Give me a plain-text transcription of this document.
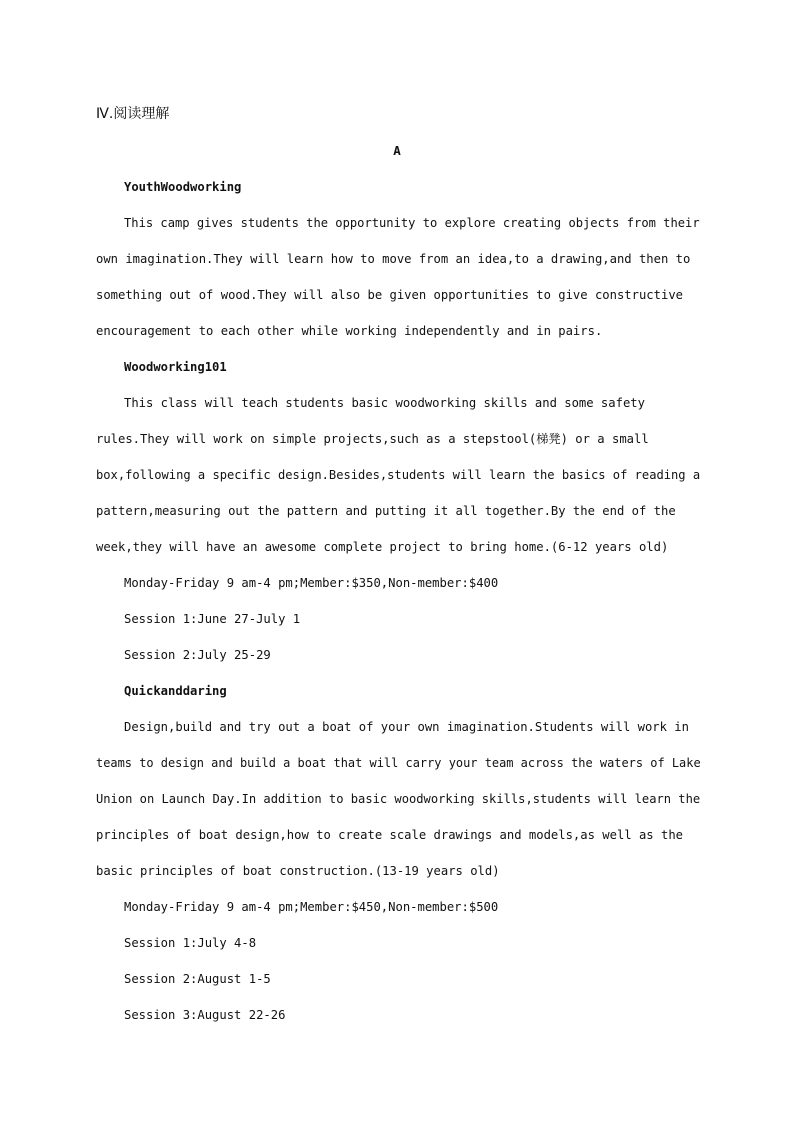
Ⅳ.阅读理解
A
YouthWoodworking
This camp gives students the opportunity to explore creating objects from their
own imagination.They will learn how to move from an idea,to a drawing,and then to
something out of wood.They will also be given opportunities to give constructive
encouragement to each other while working independently and in pairs.
Woodworking101
This class will teach students basic woodworking skills and some safety
rules.They will work on simple projects,such as a stepstool(梯凳) or a small
box,following a specific design.Besides,students will learn the basics of reading a
pattern,measuring out the pattern and putting it all together.By the end of the
week,they will have an awesome complete project to bring home.(6-12 years old)
Monday-Friday 9 am-4 pm;Member:$350,Non-member:$400
Session 1:June 27-July 1
Session 2:July 25-29
Quickanddaring
Design,build and try out a boat of your own imagination.Students will work in
teams to design and build a boat that will carry your team across the waters of Lake
Union on Launch Day.In addition to basic woodworking skills,students will learn the
principles of boat design,how to create scale drawings and models,as well as the
basic principles of boat construction.(13-19 years old)
Monday-Friday 9 am-4 pm;Member:$450,Non-member:$500
Session 1:July 4-8
Session 2:August 1-5
Session 3:August 22-26
